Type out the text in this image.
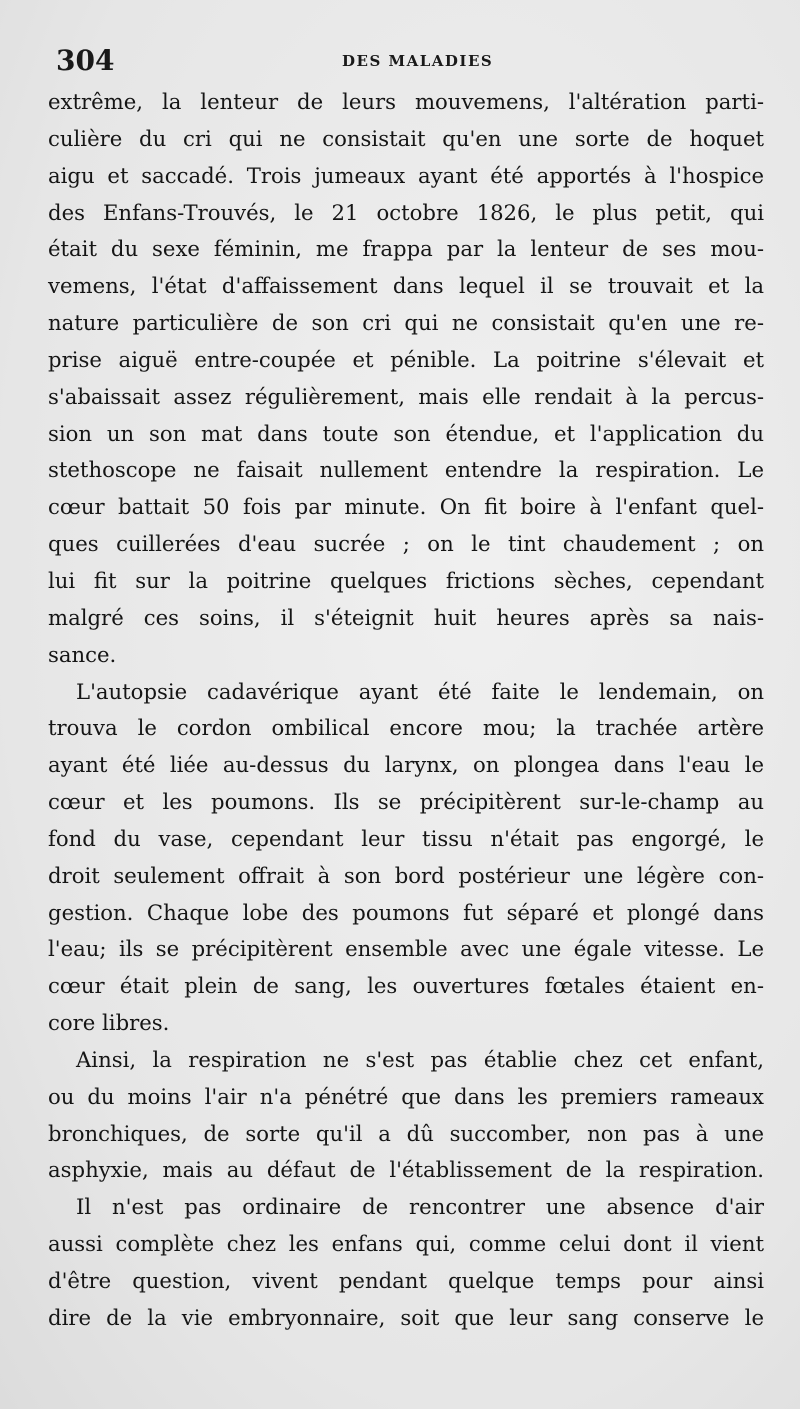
304	DES MALADIES
extrême, la lenteur de leurs mouvemens, l'altération parti-
culière du cri qui ne consistait qu'en une sorte de hoquet
aigu et saccadé. Trois jumeaux ayant été apportés à l'hospice
des Enfans-Trouvés, le 21 octobre 1826, le plus petit, qui
était du sexe féminin, me frappa par la lenteur de ses mou-
vemens, l'état d'affaissement dans lequel il se trouvait et la
nature particulière de son cri qui ne consistait qu'en une re-
prise aiguë entre-coupée et pénible. La poitrine s'élevait et
s'abaissait assez régulièrement, mais elle rendait à la percus-
sion un son mat dans toute son étendue, et l'application du
stethoscope ne faisait nullement entendre la respiration. Le
cœur battait 50 fois par minute. On fit boire à l'enfant quel-
ques cuillerées d'eau sucrée ; on le tint chaudement ; on
lui fit sur la poitrine quelques frictions sèches, cependant
malgré ces soins, il s'éteignit huit heures après sa nais-
sance.
L'autopsie cadavérique ayant été faite le lendemain, on
trouva le cordon ombilical encore mou; la trachée artère
ayant été liée au-dessus du larynx, on plongea dans l'eau le
cœur et les poumons. Ils se précipitèrent sur-le-champ au
fond du vase, cependant leur tissu n'était pas engorgé, le
droit seulement offrait à son bord postérieur une légère con-
gestion. Chaque lobe des poumons fut séparé et plongé dans
l'eau; ils se précipitèrent ensemble avec une égale vitesse. Le
cœur était plein de sang, les ouvertures fœtales étaient en-
core libres.
Ainsi, la respiration ne s'est pas établie chez cet enfant,
ou du moins l'air n'a pénétré que dans les premiers rameaux
bronchiques, de sorte qu'il a dû succomber, non pas à une
asphyxie, mais au défaut de l'établissement de la respiration.
Il n'est pas ordinaire de rencontrer une absence d'air
aussi complète chez les enfans qui, comme celui dont il vient
d'être question, vivent pendant quelque temps pour ainsi
dire de la vie embryonnaire, soit que leur sang conserve le
